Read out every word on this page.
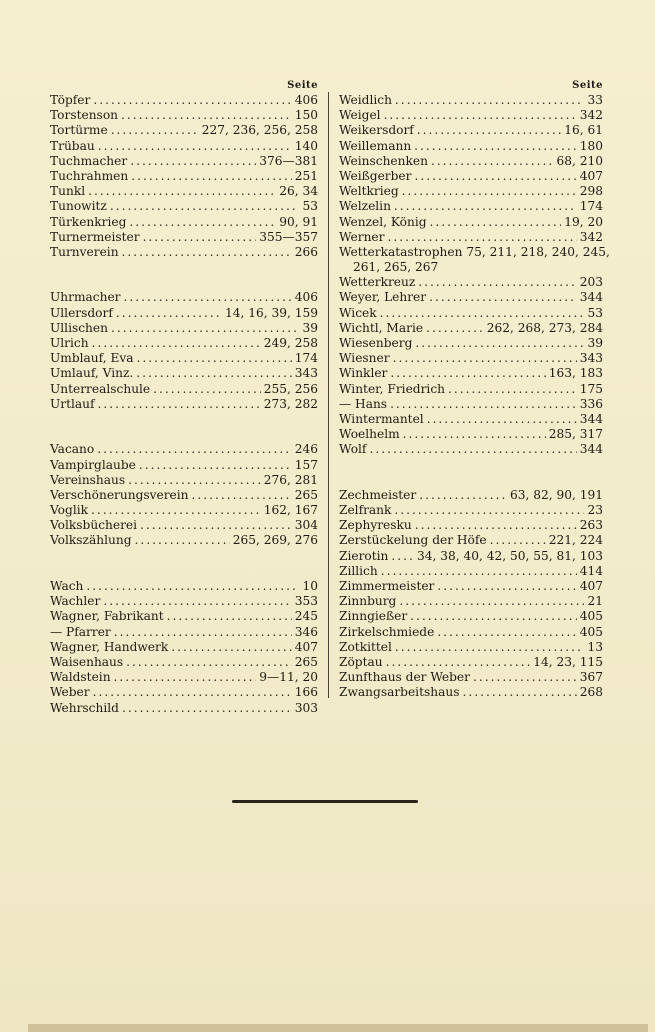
Seite
Töpfer .....	406
Torstenson .....	150
Tortürme .....	227, 236, 256, 258
Trübau .....	140
Tuchmacher .....	376—381
Tuchrahmen .....	251
Tunkl .....	26, 34
Tunowitz .....	53
Türkenkrieg .....	90, 91
Turnermeister .....	355—357
Turnverein .....	266
Uhrmacher .....	406
Ullersdorf .....	14, 16, 39, 159
Ullischen .....	39
Ulrich .....	249, 258
Umblauf, Eva .....	174
Umlauf, Vinz. .....	343
Unterrealschule .....	255, 256
Urtlauf .....	273, 282
Vacano .....	246
Vampirglaube .....	157
Vereinshaus .....	276, 281
Verschönerungsverein .....	265
Voglik .....	162, 167
Volksbücherei .....	304
Volkszählung .....	265, 269, 276
Wach .....	10
Wachler .....	353
Wagner, Fabrikant .....	245
— Pfarrer .....	346
Wagner, Handwerk .....	407
Waisenhaus .....	265
Waldstein .....	9—11, 20
Weber .....	166
Wehrschild .....	303
Seite
Weidlich .....	33
Weigel .....	342
Weikersdorf .....	16, 61
Weillemann .....	180
Weinschenken .....	68, 210
Weißgerber .....	407
Weltkrieg .....	298
Welzelin .....	174
Wenzel, König .....	19, 20
Werner .....	342
Wetterkatastrophen 75, 211, 218, 240, 245,
261, 265, 267
Wetterkreuz .....	203
Weyer, Lehrer .....	344
Wicek .....	53
Wichtl, Marie .....	262, 268, 273, 284
Wiesenberg .....	39
Wiesner .....	343
Winkler .....	163, 183
Winter, Friedrich .....	175
— Hans .....	336
Wintermantel .....	344
Woelhelm .....	285, 317
Wolf .....	344
Zechmeister .....	63, 82, 90, 191
Zelfrank .....	23
Zephyresku .....	263
Zerstückelung der Höfe .....	221, 224
Zierotin ..... 34, 38, 40, 42, 50, 55, 81, 103
Zillich .....	414
Zimmermeister .....	407
Zinnburg .....	21
Zinngießer .....	405
Zirkelschmiede .....	405
Zotkittel .....	13
Zöptau .....	14, 23, 115
Zunfthaus der Weber .....	367
Zwangsarbeitshaus .....	268
